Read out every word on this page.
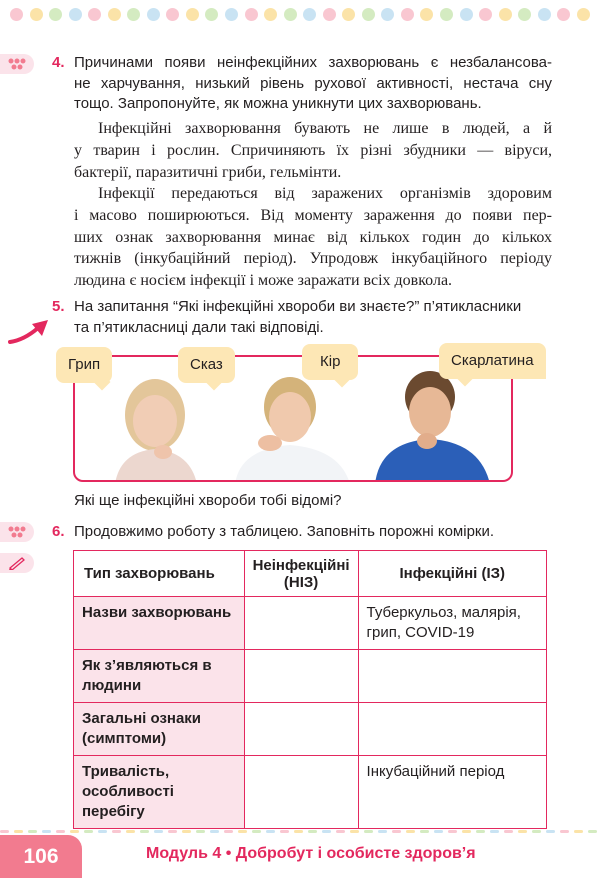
4. Причинами появи неінфекційних захворювань є незбалансова-
не харчування, низький рівень рухової активності, нестача сну
тощо. Запропонуйте, як можна уникнути цих захворювань.
Інфекційні захворювання бувають не лише в людей, а й
у тварин і рослин. Спричиняють їх різні збудники — віруси,
бактерії, паразитичні гриби, гельмінти.
Інфекції передаються від заражених організмів здоровим
і масово поширюються. Від моменту зараження до появи пер-
ших ознак захворювання минає від кількох годин до кількох
тижнів (інкубаційний період). Упродовж інкубаційного періоду
людина є носієм інфекції і може заражати всіх довкола.
5. На запитання “Які інфекційні хвороби ви знаєте?” п’ятикласники
та п’ятикласниці дали такі відповіді.
Грип	Сказ	Кір	Скарлатина
Які ще інфекційні хвороби тобі відомі?
6. Продовжимо роботу з таблицею. Заповніть порожні комірки.
Тип захворювань	Неінфекційні (НІЗ)	Інфекційні (ІЗ)
Назви захворювань		Туберкульоз, малярія, грип, COVID-19
Як з’являються в людини		
Загальні ознаки (симптоми)		
Тривалість, особливості перебігу		Інкубаційний період
106	Модуль 4 • Добробут і особисте здоров’я
